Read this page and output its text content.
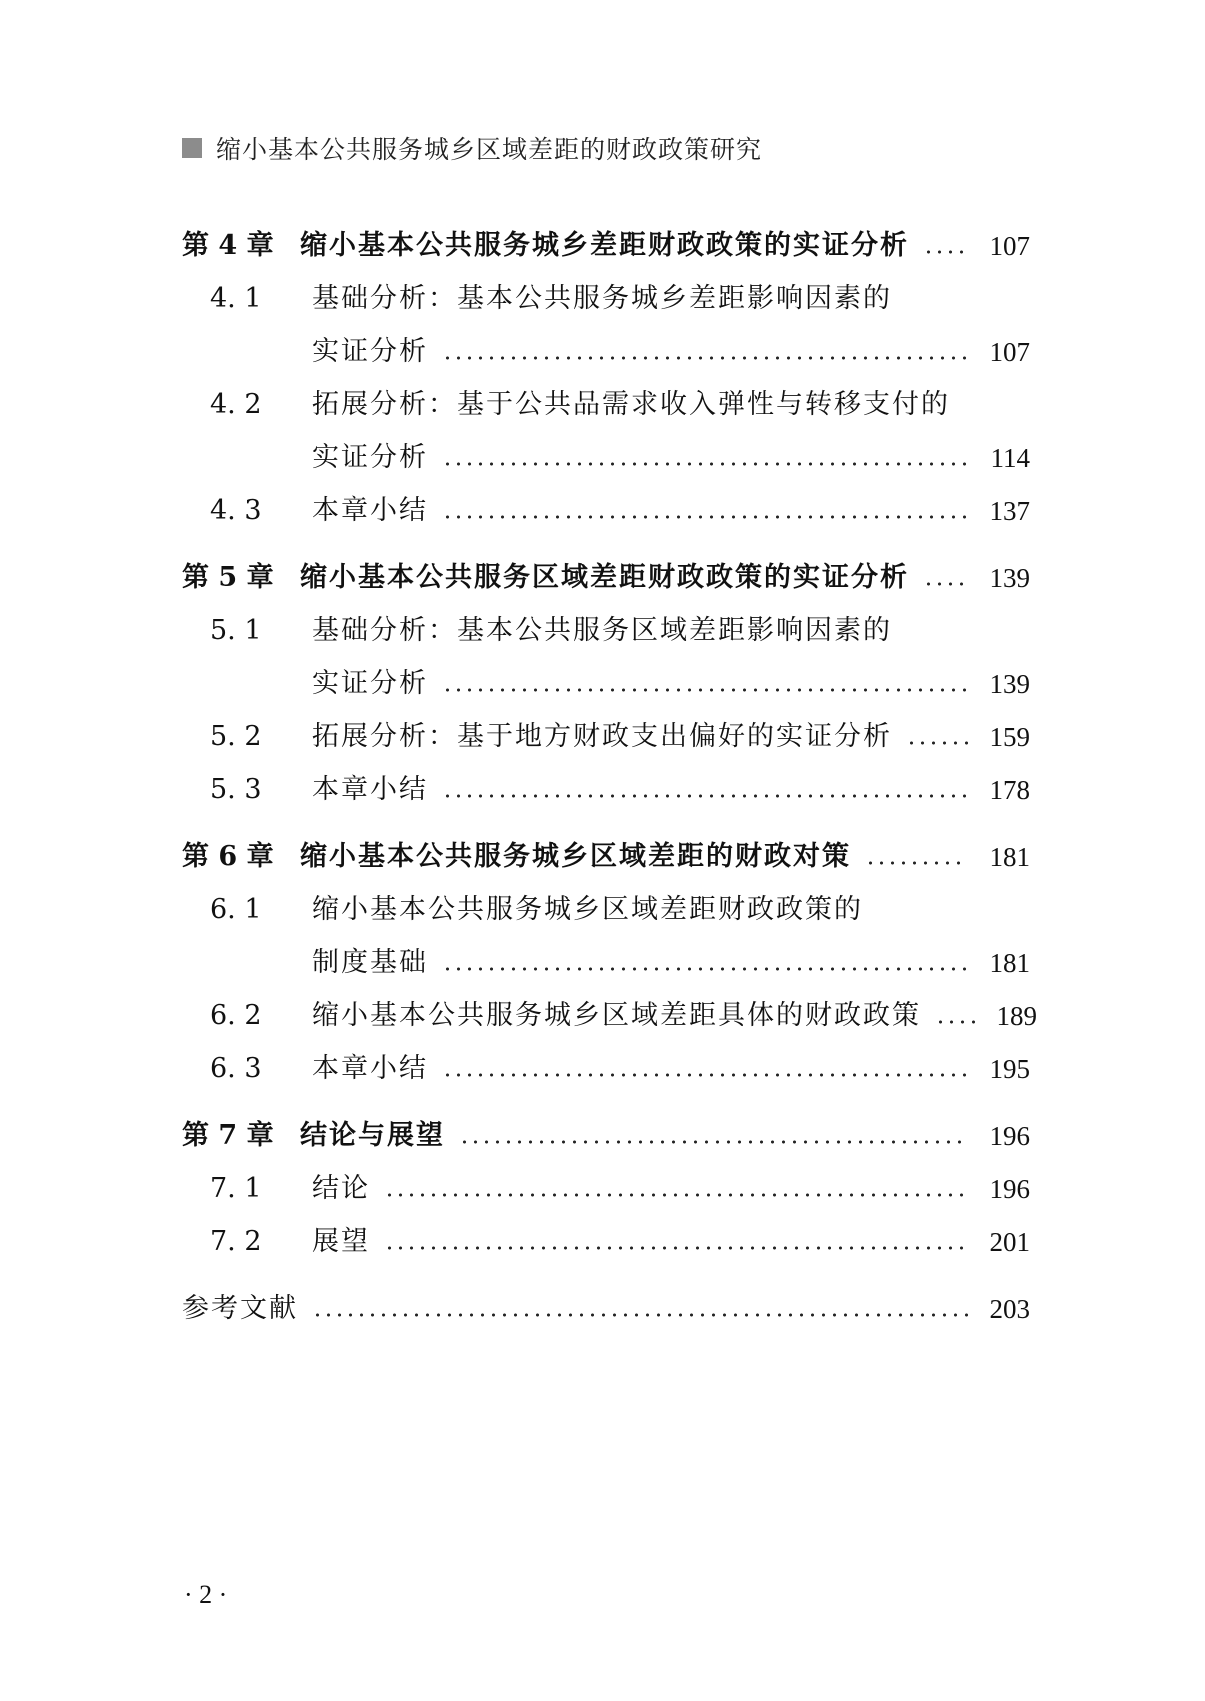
缩小基本公共服务城乡区域差距的财政政策研究
第 4 章 缩小基本公共服务城乡差距财政政策的实证分析	107
4. 1	基础分析：基本公共服务城乡差距影响因素的
实证分析	107
4. 2	拓展分析：基于公共品需求收入弹性与转移支付的
实证分析	114
4. 3	本章小结	137
第 5 章 缩小基本公共服务区域差距财政政策的实证分析	139
5. 1	基础分析：基本公共服务区域差距影响因素的
实证分析	139
5. 2	拓展分析：基于地方财政支出偏好的实证分析	159
5. 3	本章小结	178
第 6 章 缩小基本公共服务城乡区域差距的财政对策	181
6. 1	缩小基本公共服务城乡区域差距财政政策的
制度基础	181
6. 2	缩小基本公共服务城乡区域差距具体的财政政策	189
6. 3	本章小结	195
第 7 章 结论与展望	196
7. 1	结论	196
7. 2	展望	201
参考文献	203
· 2 ·
